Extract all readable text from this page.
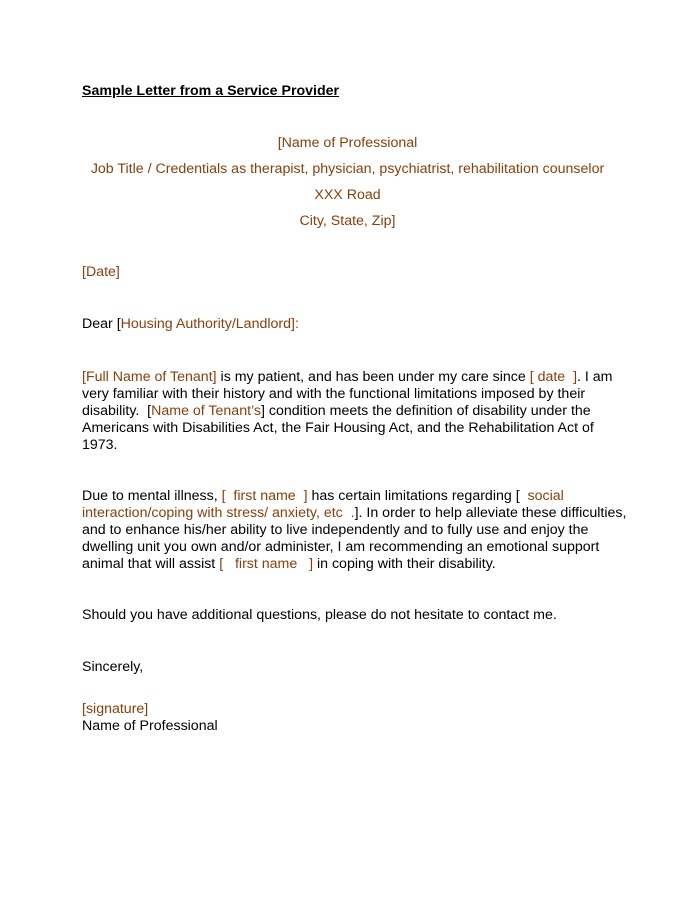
Sample Letter from a Service Provider
[Name of Professional
Job Title / Credentials as therapist, physician, psychiatrist, rehabilitation counselor
XXX Road
City, State, Zip]
[Date]
Dear [Housing Authority/Landlord]:
[Full Name of Tenant] is my patient, and has been under my care since [ date  ]. I am
very familiar with their history and with the functional limitations imposed by their
disability.  [Name of Tenant’s] condition meets the definition of disability under the
Americans with Disabilities Act, the Fair Housing Act, and the Rehabilitation Act of
1973.
Due to mental illness, [  first name  ] has certain limitations regarding [  social
interaction/coping with stress/ anxiety, etc  .]. In order to help alleviate these difficulties,
and to enhance his/her ability to live independently and to fully use and enjoy the
dwelling unit you own and/or administer, I am recommending an emotional support
animal that will assist [   first name   ] in coping with their disability.
Should you have additional questions, please do not hesitate to contact me.
Sincerely,
[signature]
Name of Professional
